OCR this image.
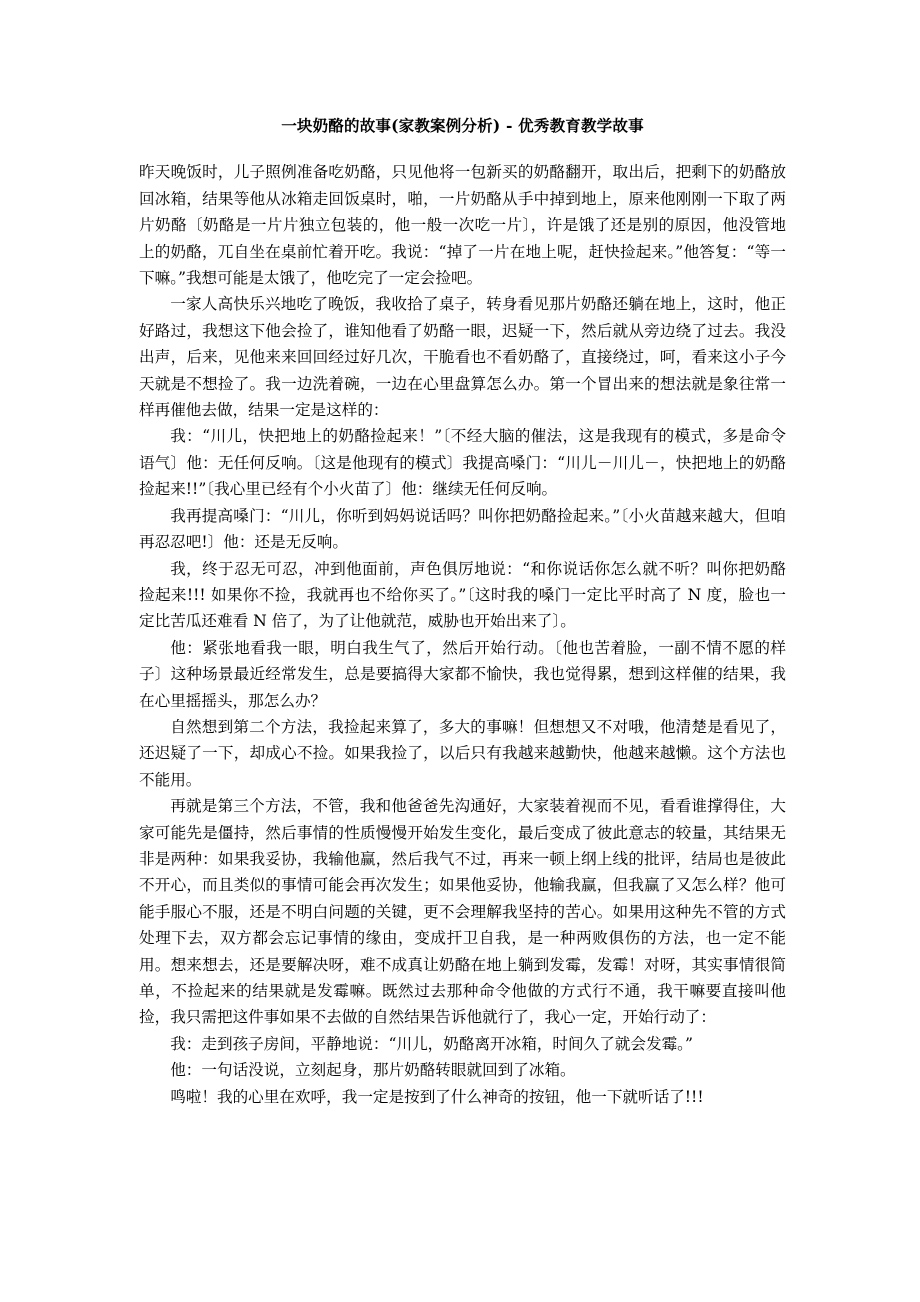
一块奶酪的故事(家教案例分析) - 优秀教育教学故事

昨天晚饭时，儿子照例准备吃奶酪，只见他将一包新买的奶酪翻开，取出后，把剩下的奶酪放回冰箱，结果等他从冰箱走回饭桌时，啪，一片奶酪从手中掉到地上，原来他刚刚一下取了两片奶酪〔奶酪是一片片独立包装的，他一般一次吃一片〕，许是饿了还是别的原因，他没管地上的奶酪，兀自坐在桌前忙着开吃。我说：“掉了一片在地上呢，赶快捡起来。”他答复：“等一下嘛。”我想可能是太饿了，他吃完了一定会捡吧。

一家人高快乐兴地吃了晚饭，我收拾了桌子，转身看见那片奶酪还躺在地上，这时，他正好路过，我想这下他会捡了，谁知他看了奶酪一眼，迟疑一下，然后就从旁边绕了过去。我没出声，后来，见他来来回回经过好几次，干脆看也不看奶酪了，直接绕过，呵，看来这小子今天就是不想捡了。我一边洗着碗，一边在心里盘算怎么办。第一个冒出来的想法就是象往常一样再催他去做，结果一定是这样的：

我：“川儿，快把地上的奶酪捡起来！”〔不经大脑的催法，这是我现有的模式，多是命令语气〕他：无任何反响。〔这是他现有的模式〕我提高嗓门：“川儿－川儿－，快把地上的奶酪捡起来!!”〔我心里已经有个小火苗了〕他：继续无任何反响。

我再提高嗓门：“川儿，你听到妈妈说话吗？叫你把奶酪捡起来。”〔小火苗越来越大，但咱再忍忍吧!〕他：还是无反响。

我，终于忍无可忍，冲到他面前，声色俱厉地说：“和你说话你怎么就不听？叫你把奶酪捡起来!!! 如果你不捡，我就再也不给你买了。”〔这时我的嗓门一定比平时高了 N 度，脸也一定比苦瓜还难看 N 倍了，为了让他就范，威胁也开始出来了〕。

他：紧张地看我一眼，明白我生气了，然后开始行动。〔他也苦着脸，一副不情不愿的样子〕这种场景最近经常发生，总是要搞得大家都不愉快，我也觉得累，想到这样催的结果，我在心里摇摇头，那怎么办？

自然想到第二个方法，我捡起来算了，多大的事嘛！但想想又不对哦，他清楚是看见了，还迟疑了一下，却成心不捡。如果我捡了，以后只有我越来越勤快，他越来越懒。这个方法也不能用。

再就是第三个方法，不管，我和他爸爸先沟通好，大家装着视而不见，看看谁撑得住，大家可能先是僵持，然后事情的性质慢慢开始发生变化，最后变成了彼此意志的较量，其结果无非是两种：如果我妥协，我输他赢，然后我气不过，再来一顿上纲上线的批评，结局也是彼此不开心，而且类似的事情可能会再次发生；如果他妥协，他输我赢，但我赢了又怎么样？他可能手服心不服，还是不明白问题的关键，更不会理解我坚持的苦心。如果用这种先不管的方式处理下去，双方都会忘记事情的缘由，变成扞卫自我，是一种两败俱伤的方法，也一定不能用。想来想去，还是要解决呀，难不成真让奶酪在地上躺到发霉，发霉！对呀，其实事情很简单，不捡起来的结果就是发霉嘛。既然过去那种命令他做的方式行不通，我干嘛要直接叫他捡，我只需把这件事如果不去做的自然结果告诉他就行了，我心一定，开始行动了：

我：走到孩子房间，平静地说：“川儿，奶酪离开冰箱，时间久了就会发霉。”

他：一句话没说，立刻起身，那片奶酪转眼就回到了冰箱。

鸣啦！我的心里在欢呼，我一定是按到了什么神奇的按钮，他一下就听话了!!!
